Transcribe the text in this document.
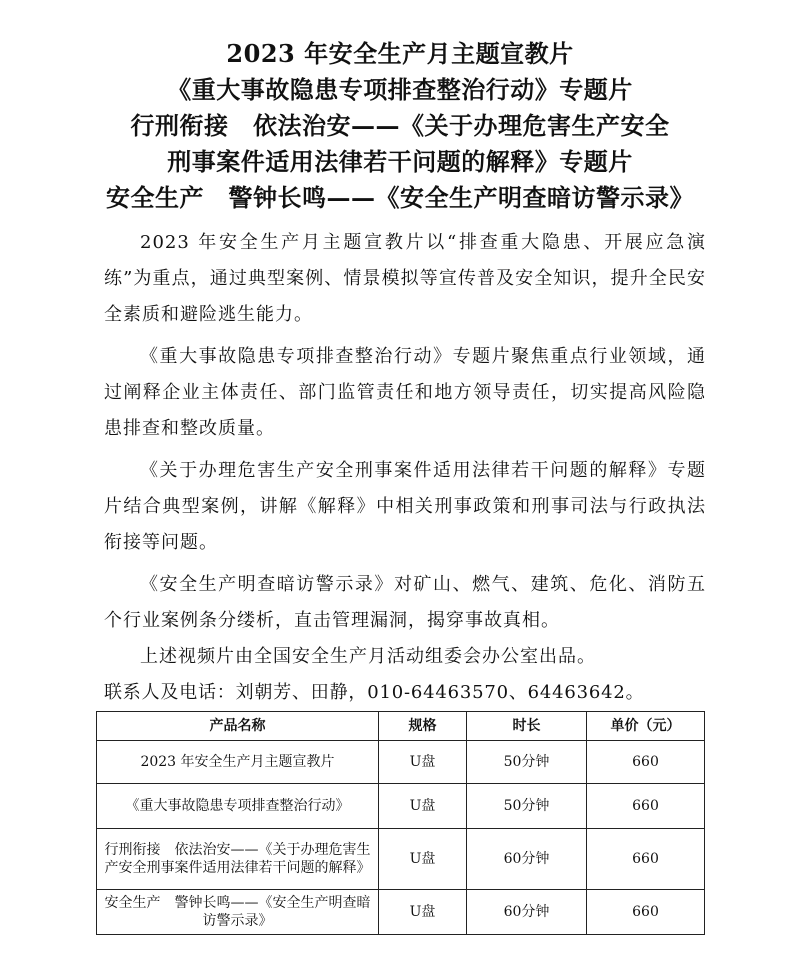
2023 年安全生产月主题宣教片
《重大事故隐患专项排查整治行动》专题片
行刑衔接　依法治安——《关于办理危害生产安全
刑事案件适用法律若干问题的解释》专题片
安全生产　警钟长鸣——《安全生产明查暗访警示录》

2023 年安全生产月主题宣教片以“排查重大隐患、开展应急演练”为重点，通过典型案例、情景模拟等宣传普及安全知识，提升全民安全素质和避险逃生能力。

《重大事故隐患专项排查整治行动》专题片聚焦重点行业领域，通过阐释企业主体责任、部门监管责任和地方领导责任，切实提高风险隐患排查和整改质量。

《关于办理危害生产安全刑事案件适用法律若干问题的解释》专题片结合典型案例，讲解《解释》中相关刑事政策和刑事司法与行政执法衔接等问题。

《安全生产明查暗访警示录》对矿山、燃气、建筑、危化、消防五个行业案例条分缕析，直击管理漏洞，揭穿事故真相。

上述视频片由全国安全生产月活动组委会办公室出品。

联系人及电话：刘朝芳、田静，010-64463570、64463642。

产品名称	规格	时长	单价（元）
2023 年安全生产月主题宣教片	U盘	50分钟	660
《重大事故隐患专项排查整治行动》	U盘	50分钟	660
行刑衔接　依法治安——《关于办理危害生产安全刑事案件适用法律若干问题的解释》	U盘	60分钟	660
安全生产　警钟长鸣——《安全生产明查暗访警示录》	U盘	60分钟	660
